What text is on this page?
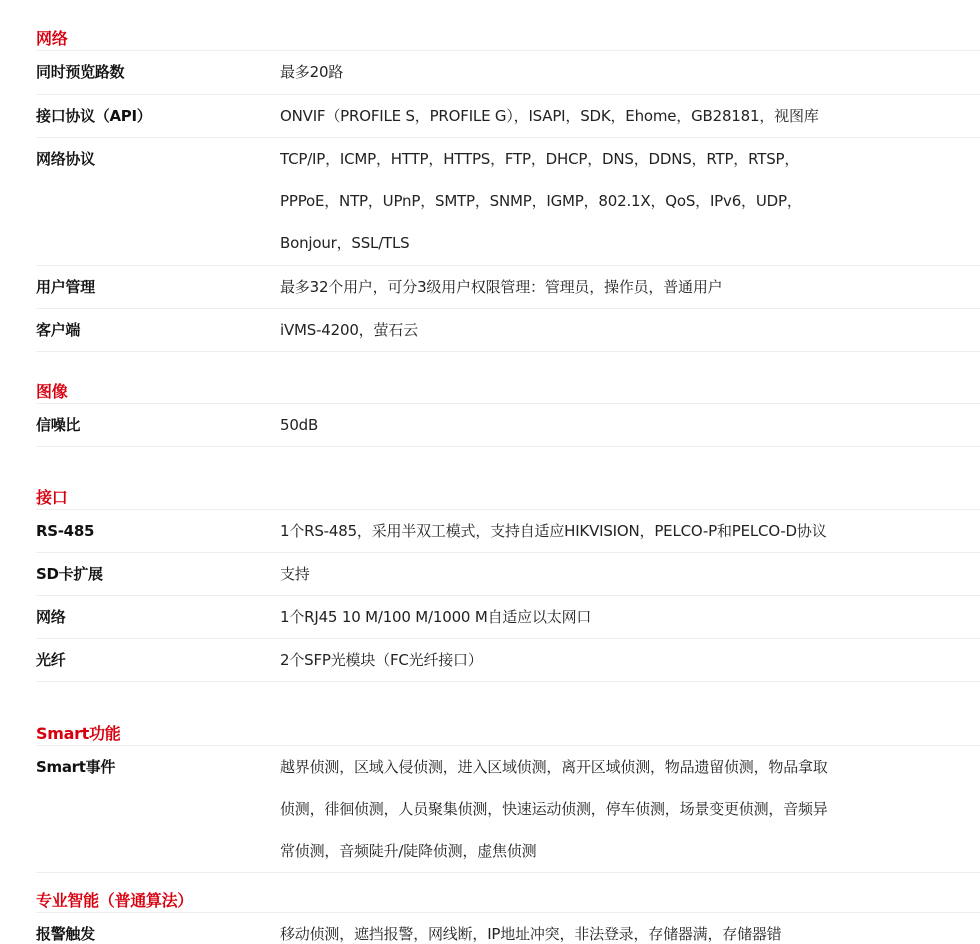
网络
同时预览路数	最多20路
接口协议（API）	ONVIF（PROFILE S，PROFILE G），ISAPI，SDK，Ehome，GB28181，视图库
网络协议	TCP/IP，ICMP，HTTP，HTTPS，FTP，DHCP，DNS，DDNS，RTP，RTSP，
PPPoE，NTP，UPnP，SMTP，SNMP，IGMP，802.1X，QoS，IPv6，UDP，
Bonjour，SSL/TLS
用户管理	最多32个用户，可分3级用户权限管理：管理员，操作员，普通用户
客户端	iVMS-4200，萤石云
图像
信噪比	50dB
接口
RS-485	1个RS-485，采用半双工模式，支持自适应HIKVISION，PELCO-P和PELCO-D协议
SD卡扩展	支持
网络	1个RJ45 10 M/100 M/1000 M自适应以太网口
光纤	2个SFP光模块（FC光纤接口）
Smart功能
Smart事件	越界侦测，区域入侵侦测，进入区域侦测，离开区域侦测，物品遗留侦测，物品拿取
侦测，徘徊侦测，人员聚集侦测，快速运动侦测，停车侦测，场景变更侦测，音频异
常侦测，音频陡升/陡降侦测，虚焦侦测
专业智能（普通算法）
报警触发	移动侦测，遮挡报警，网线断，IP地址冲突，非法登录，存储器满，存储器错
